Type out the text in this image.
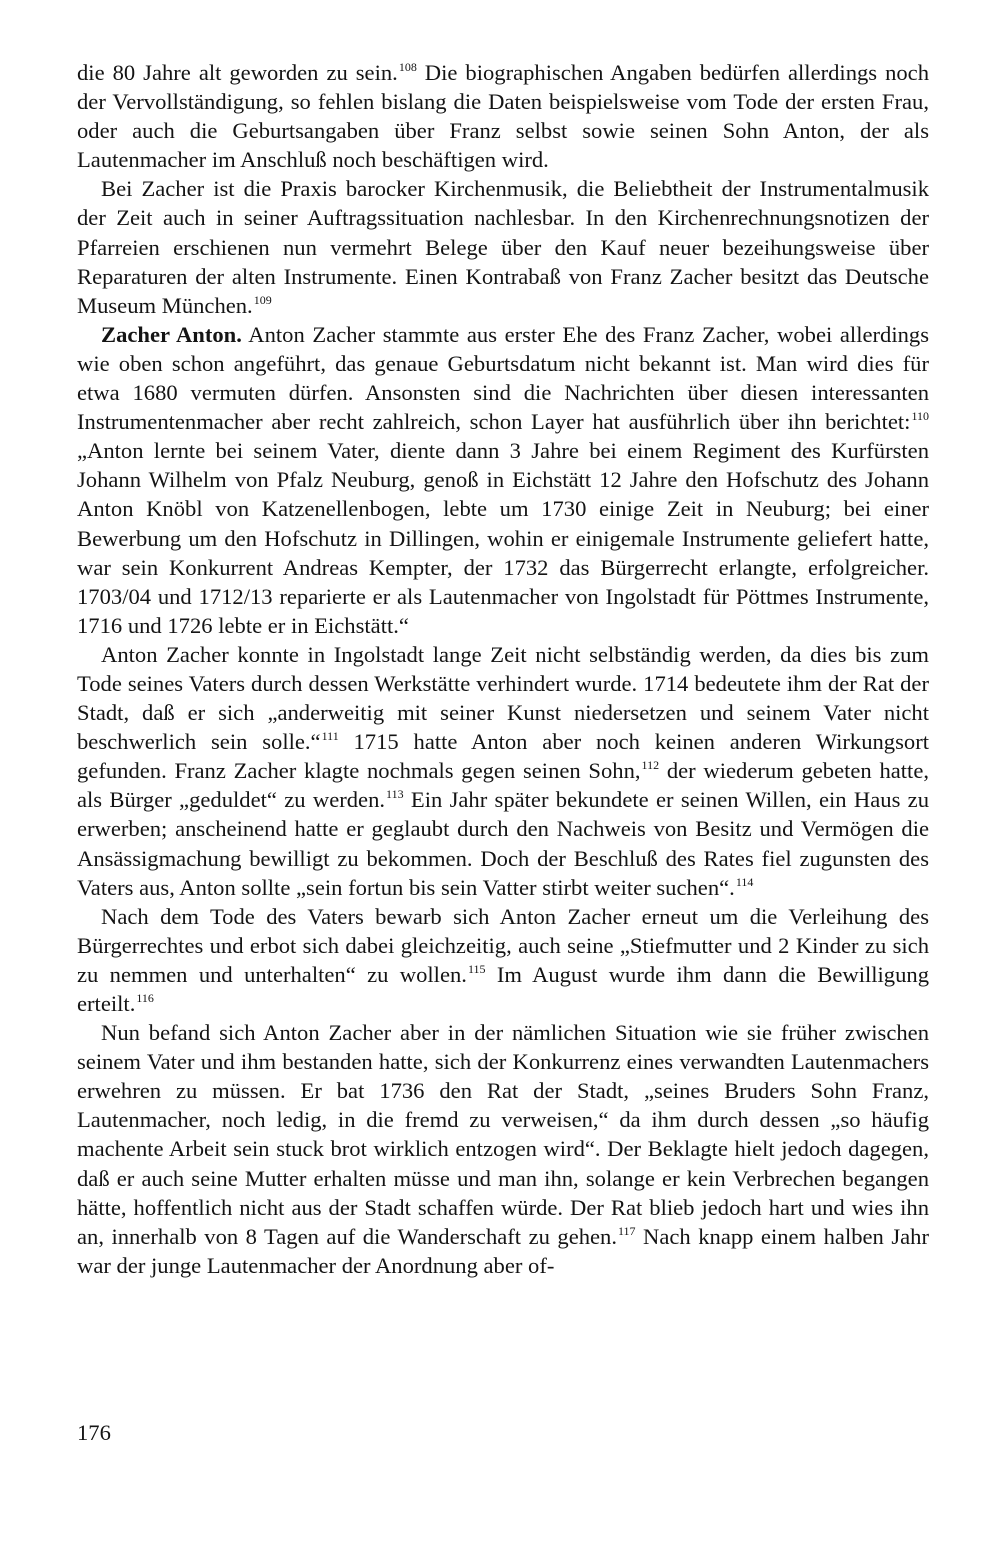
die 80 Jahre alt geworden zu sein.$^{108}$ Die biographischen Angaben bedürfen allerdings noch der Vervollständigung, so fehlen bislang die Daten beispielsweise vom Tode der ersten Frau, oder auch die Geburtsangaben über Franz selbst sowie seinen Sohn Anton, der als Lautenmacher im Anschluß noch beschäftigen wird.

Bei Zacher ist die Praxis barocker Kirchenmusik, die Beliebtheit der Instrumentalmusik der Zeit auch in seiner Auftragssituation nachlesbar. In den Kirchenrechnungsnotizen der Pfarreien erschienen nun vermehrt Belege über den Kauf neuer bezeihungsweise über Reparaturen der alten Instrumente. Einen Kontrabaß von Franz Zacher besitzt das Deutsche Museum München.$^{109}$

Zacher Anton. Anton Zacher stammte aus erster Ehe des Franz Zacher, wobei allerdings wie oben schon angeführt, das genaue Geburtsdatum nicht bekannt ist. Man wird dies für etwa 1680 vermuten dürfen. Ansonsten sind die Nachrichten über diesen interessanten Instrumentenmacher aber recht zahlreich, schon Layer hat ausführlich über ihn berichtet:$^{110}$ „Anton lernte bei seinem Vater, diente dann 3 Jahre bei einem Regiment des Kurfürsten Johann Wilhelm von Pfalz Neuburg, genoß in Eichstätt 12 Jahre den Hofschutz des Johann Anton Knöbl von Katzenellenbogen, lebte um 1730 einige Zeit in Neuburg; bei einer Bewerbung um den Hofschutz in Dillingen, wohin er einigemale Instrumente geliefert hatte, war sein Konkurrent Andreas Kempter, der 1732 das Bürgerrecht erlangte, erfolgreicher. 1703/04 und 1712/13 reparierte er als Lautenmacher von Ingolstadt für Pöttmes Instrumente, 1716 und 1726 lebte er in Eichstätt.“

Anton Zacher konnte in Ingolstadt lange Zeit nicht selbständig werden, da dies bis zum Tode seines Vaters durch dessen Werkstätte verhindert wurde. 1714 bedeutete ihm der Rat der Stadt, daß er sich „anderweitig mit seiner Kunst niedersetzen und seinem Vater nicht beschwerlich sein solle.“$^{111}$ 1715 hatte Anton aber noch keinen anderen Wirkungsort gefunden. Franz Zacher klagte nochmals gegen seinen Sohn,$^{112}$ der wiederum gebeten hatte, als Bürger „geduldet“ zu werden.$^{113}$ Ein Jahr später bekundete er seinen Willen, ein Haus zu erwerben; anscheinend hatte er geglaubt durch den Nachweis von Besitz und Vermögen die Ansässigmachung bewilligt zu bekommen. Doch der Beschluß des Rates fiel zugunsten des Vaters aus, Anton sollte „sein fortun bis sein Vatter stirbt weiter suchen“.$^{114}$

Nach dem Tode des Vaters bewarb sich Anton Zacher erneut um die Verleihung des Bürgerrechtes und erbot sich dabei gleichzeitig, auch seine „Stiefmutter und 2 Kinder zu sich zu nemmen und unterhalten“ zu wollen.$^{115}$ Im August wurde ihm dann die Bewilligung erteilt.$^{116}$

Nun befand sich Anton Zacher aber in der nämlichen Situation wie sie früher zwischen seinem Vater und ihm bestanden hatte, sich der Konkurrenz eines verwandten Lautenmachers erwehren zu müssen. Er bat 1736 den Rat der Stadt, „seines Bruders Sohn Franz, Lautenmacher, noch ledig, in die fremd zu verweisen,“ da ihm durch dessen „so häufig machente Arbeit sein stuck brot wirklich entzogen wird“. Der Beklagte hielt jedoch dagegen, daß er auch seine Mutter erhalten müsse und man ihn, solange er kein Verbrechen begangen hätte, hoffentlich nicht aus der Stadt schaffen würde. Der Rat blieb jedoch hart und wies ihn an, innerhalb von 8 Tagen auf die Wanderschaft zu gehen.$^{117}$ Nach knapp einem halben Jahr war der junge Lautenmacher der Anordnung aber of-

176
